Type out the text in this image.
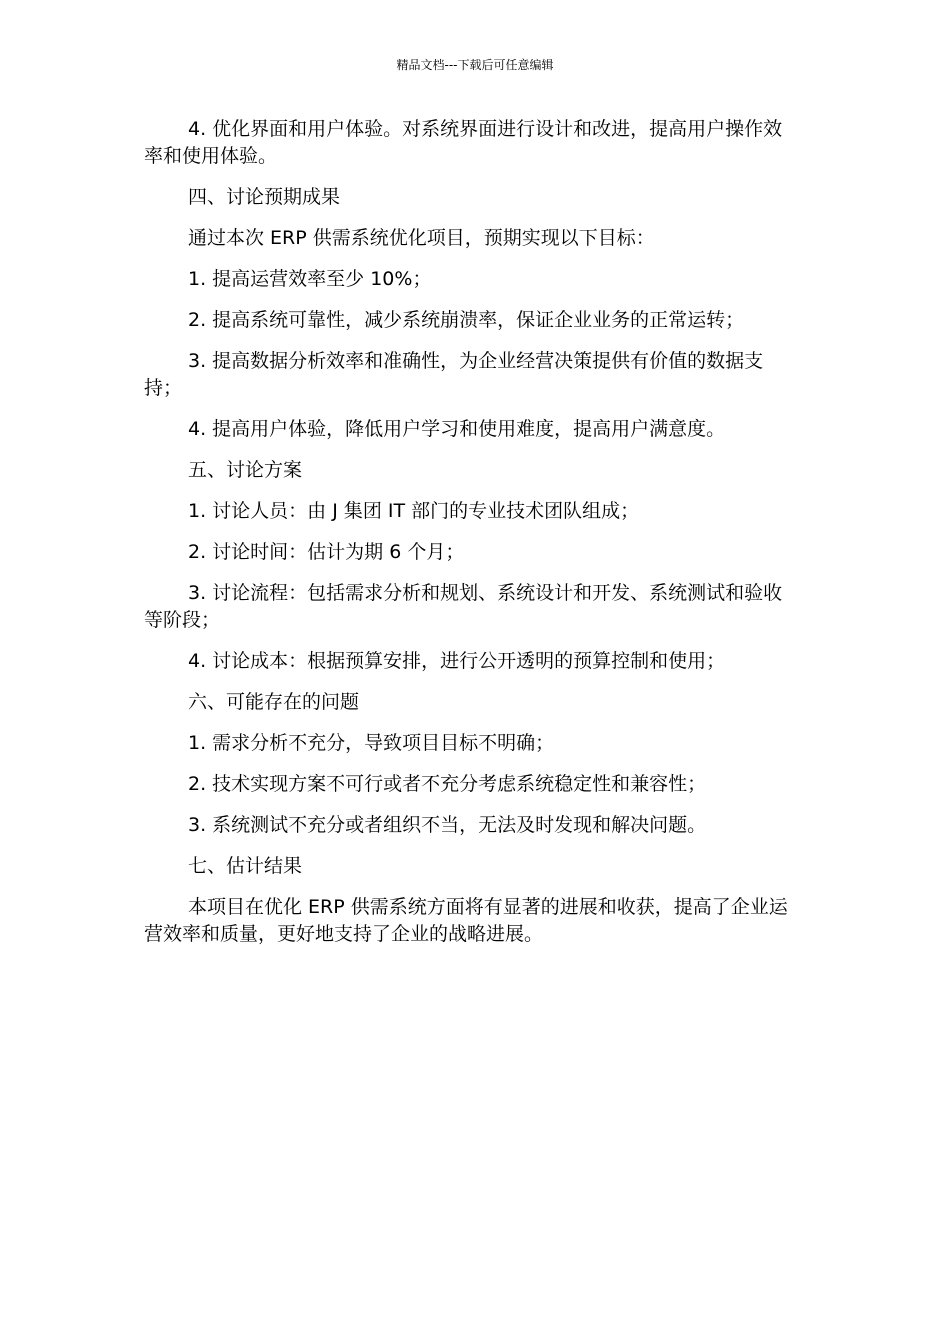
精品文档---下载后可任意编辑

4. 优化界面和用户体验。对系统界面进行设计和改进，提高用户操作效率和使用体验。

四、讨论预期成果

通过本次 ERP 供需系统优化项目，预期实现以下目标：

1. 提高运营效率至少 10%；

2. 提高系统可靠性，减少系统崩溃率，保证企业业务的正常运转；

3. 提高数据分析效率和准确性，为企业经营决策提供有价值的数据支持；

4. 提高用户体验，降低用户学习和使用难度，提高用户满意度。

五、讨论方案

1. 讨论人员：由 J 集团 IT 部门的专业技术团队组成；

2. 讨论时间：估计为期 6 个月；

3. 讨论流程：包括需求分析和规划、系统设计和开发、系统测试和验收等阶段；

4. 讨论成本：根据预算安排，进行公开透明的预算控制和使用；

六、可能存在的问题

1. 需求分析不充分，导致项目目标不明确；

2. 技术实现方案不可行或者不充分考虑系统稳定性和兼容性；

3. 系统测试不充分或者组织不当，无法及时发现和解决问题。

七、估计结果

本项目在优化 ERP 供需系统方面将有显著的进展和收获，提高了企业运营效率和质量，更好地支持了企业的战略进展。
